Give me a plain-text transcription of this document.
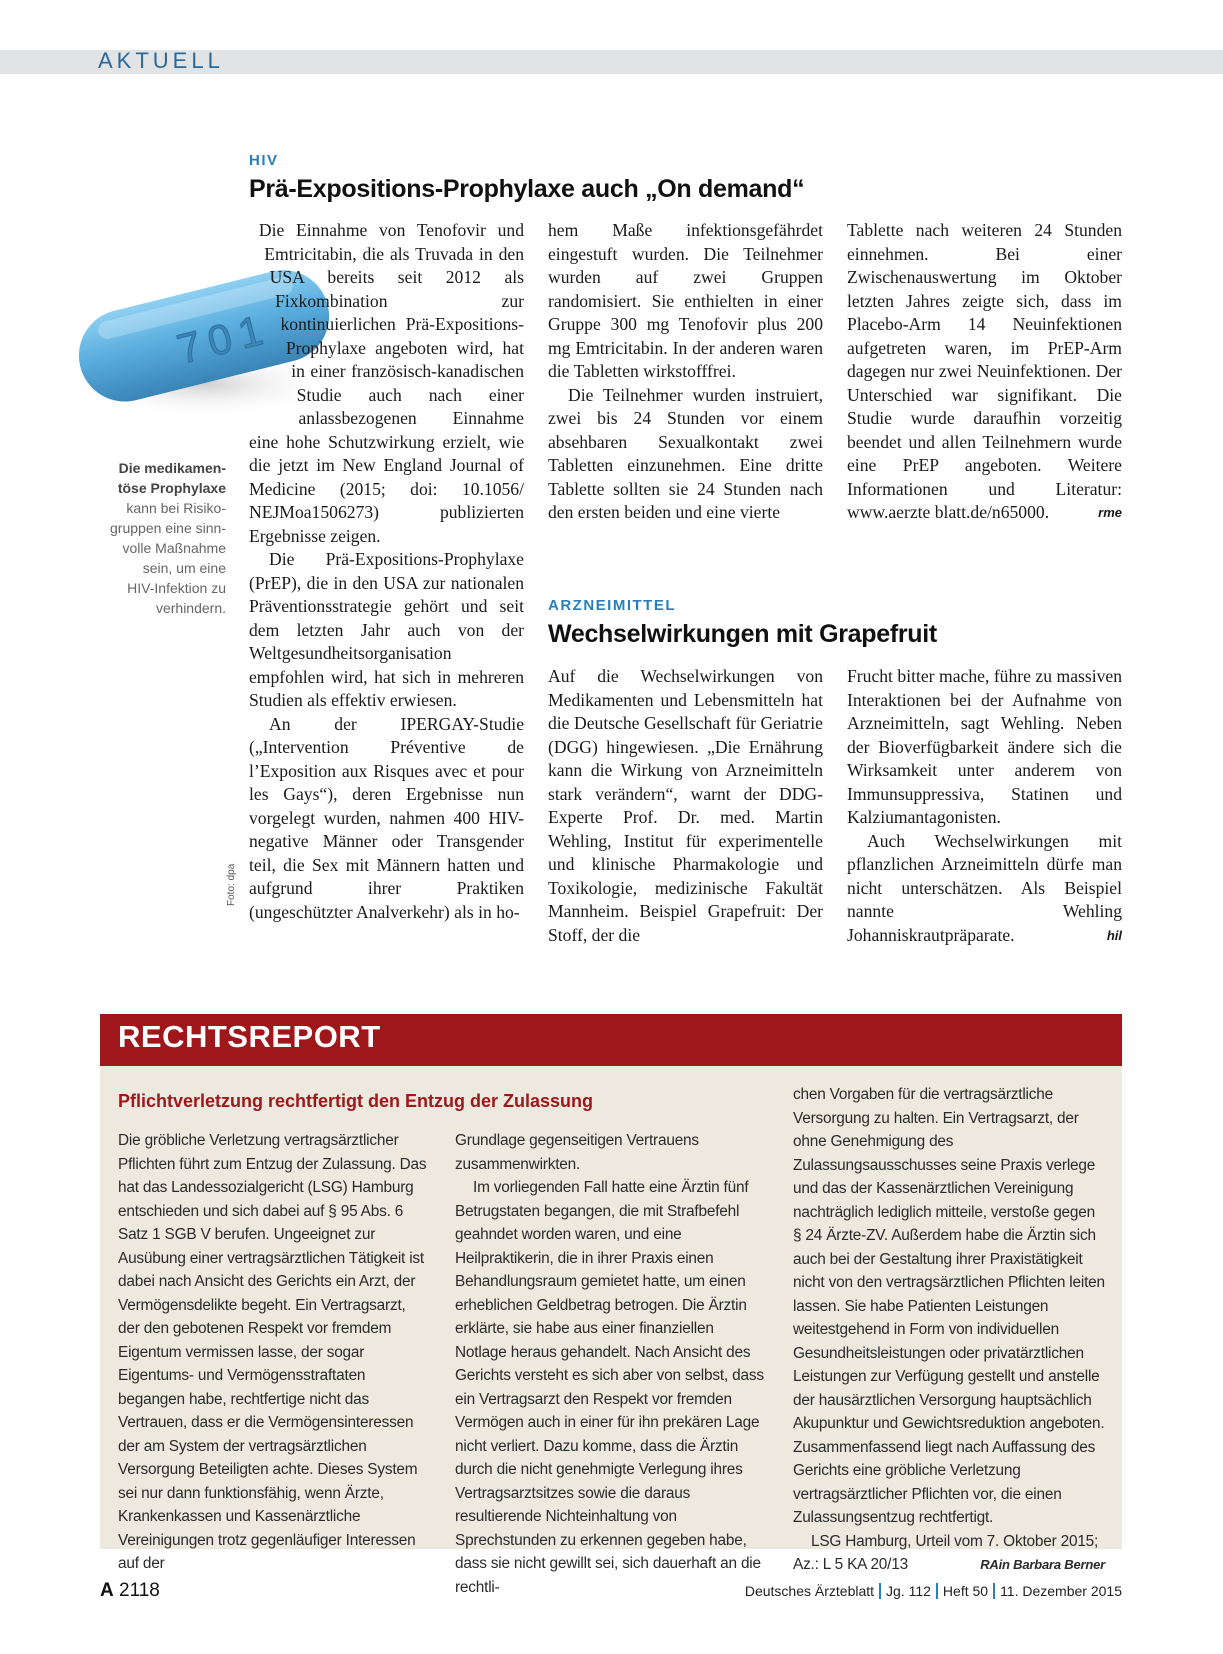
AKTUELL
701
Die medikamen-
töse Prophylaxe
kann bei Risiko-
gruppen eine sinn-
volle Maßnahme
sein, um eine
HIV-Infektion zu
verhindern.
Foto: dpa
HIV
Prä-Expositions-Prophylaxe auch „On demand“

Die Einnahme von Tenofovir und Emtricitabin, die als Truvada in den USA bereits seit 2012 als Fixkombination zur kontinuierlichen Prä-Expositions-Prophylaxe angeboten wird, hat in einer französisch-kanadischen Studie auch nach einer anlassbezogenen Einnahme eine hohe Schutzwirkung erzielt, wie die jetzt im New England Journal of Medicine (2015; doi: 10.1056/ NEJMoa1506273) publizierten Ergebnisse zeigen.

Die Prä-Expositions-Prophylaxe (PrEP), die in den USA zur nationalen Präventionsstrategie gehört und seit dem letzten Jahr auch von der Weltgesundheitsorganisation empfohlen wird, hat sich in mehreren Studien als effektiv erwiesen.

An der IPERGAY-Studie („Intervention Préventive de l’Exposition aux Risques avec et pour les Gays“), deren Ergebnisse nun vorgelegt wurden, nahmen 400 HIV-negative Männer oder Transgender teil, die Sex mit Männern hatten und aufgrund ihrer Praktiken (ungeschützter Analverkehr) als in ho-

hem Maße infektionsgefährdet eingestuft wurden. Die Teilnehmer wurden auf zwei Gruppen randomisiert. Sie enthielten in einer Gruppe 300 mg Tenofovir plus 200 mg Emtricitabin. In der anderen waren die Tabletten wirkstofffrei.

Die Teilnehmer wurden instruiert, zwei bis 24 Stunden vor einem absehbaren Sexualkontakt zwei Tabletten einzunehmen. Eine dritte Tablette sollten sie 24 Stunden nach den ersten beiden und eine vierte

Tablette nach weiteren 24 Stunden einnehmen. Bei einer Zwischenauswertung im Oktober letzten Jahres zeigte sich, dass im Placebo-Arm 14 Neuinfektionen aufgetreten waren, im PrEP-Arm dagegen nur zwei Neuinfektionen. Der Unterschied war signifikant. Die Studie wurde daraufhin vorzeitig beendet und allen Teilnehmern wurde eine PrEP angeboten. Weitere Informationen und Literatur: www.aerzte blatt.de/n65000.	rme

ARZNEIMITTEL
Wechselwirkungen mit Grapefruit

Auf die Wechselwirkungen von Medikamenten und Lebensmitteln hat die Deutsche Gesellschaft für Geriatrie (DGG) hingewiesen. „Die Ernährung kann die Wirkung von Arzneimitteln stark verändern“, warnt der DDG-Experte Prof. Dr. med. Martin Wehling, Institut für experimentelle und klinische Pharmakologie und Toxikologie, medizinische Fakultät Mannheim. Beispiel Grapefruit: Der Stoff, der die

Frucht bitter mache, führe zu massiven Interaktionen bei der Aufnahme von Arzneimitteln, sagt Wehling. Neben der Bioverfügbarkeit ändere sich die Wirksamkeit unter anderem von Immunsuppressiva, Statinen und Kalziumantagonisten.

Auch Wechselwirkungen mit pflanzlichen Arzneimitteln dürfe man nicht unterschätzen. Als Beispiel nannte Wehling Johanniskrautpräparate.	hil

RECHTSREPORT
Pflichtverletzung rechtfertigt den Entzug der Zulassung

Die gröbliche Verletzung vertragsärztlicher Pflichten führt zum Entzug der Zulassung. Das hat das Landessozialgericht (LSG) Hamburg entschieden und sich dabei auf § 95 Abs. 6 Satz 1 SGB V berufen. Ungeeignet zur Ausübung einer vertragsärztlichen Tätigkeit ist dabei nach Ansicht des Gerichts ein Arzt, der Vermögensdelikte begeht. Ein Vertragsarzt, der den gebotenen Respekt vor fremdem Eigentum vermissen lasse, der sogar Eigentums- und Vermögensstraftaten begangen habe, rechtfertige nicht das Vertrauen, dass er die Vermögensinteressen der am System der vertragsärztlichen Versorgung Beteiligten achte. Dieses System sei nur dann funktionsfähig, wenn Ärzte, Krankenkassen und Kassenärztliche Vereinigungen trotz gegenläufiger Interessen auf der

Grundlage gegenseitigen Vertrauens zusammenwirkten.

Im vorliegenden Fall hatte eine Ärztin fünf Betrugstaten begangen, die mit Strafbefehl geahndet worden waren, und eine Heilpraktikerin, die in ihrer Praxis einen Behandlungsraum gemietet hatte, um einen erheblichen Geldbetrag betrogen. Die Ärztin erklärte, sie habe aus einer finanziellen Notlage heraus gehandelt. Nach Ansicht des Gerichts versteht es sich aber von selbst, dass ein Vertragsarzt den Respekt vor fremden Vermögen auch in einer für ihn prekären Lage nicht verliert. Dazu komme, dass die Ärztin durch die nicht genehmigte Verlegung ihres Vertragsarztsitzes sowie die daraus resultierende Nichteinhaltung von Sprechstunden zu erkennen gegeben habe, dass sie nicht gewillt sei, sich dauerhaft an die rechtli-

chen Vorgaben für die vertragsärztliche Versorgung zu halten. Ein Vertragsarzt, der ohne Genehmigung des Zulassungsausschusses seine Praxis verlege und das der Kassenärztlichen Vereinigung nachträglich lediglich mitteile, verstoße gegen § 24 Ärzte-ZV. Außerdem habe die Ärztin sich auch bei der Gestaltung ihrer Praxistätigkeit nicht von den vertragsärztlichen Pflichten leiten lassen. Sie habe Patienten Leistungen weitestgehend in Form von individuellen Gesundheitsleistungen oder privatärztlichen Leistungen zur Verfügung gestellt und anstelle der hausärztlichen Versorgung hauptsächlich Akupunktur und Gewichtsreduktion angeboten. Zusammenfassend liegt nach Auffassung des Gerichts eine gröbliche Verletzung vertragsärztlicher Pflichten vor, die einen Zulassungsentzug rechtfertigt.

LSG Hamburg, Urteil vom 7. Oktober 2015; Az.: L 5 KA 20/13	RAin Barbara Berner

A 2118	Deutsches Ärzteblatt Jg. 112 Heft 50 11. Dezember 2015
